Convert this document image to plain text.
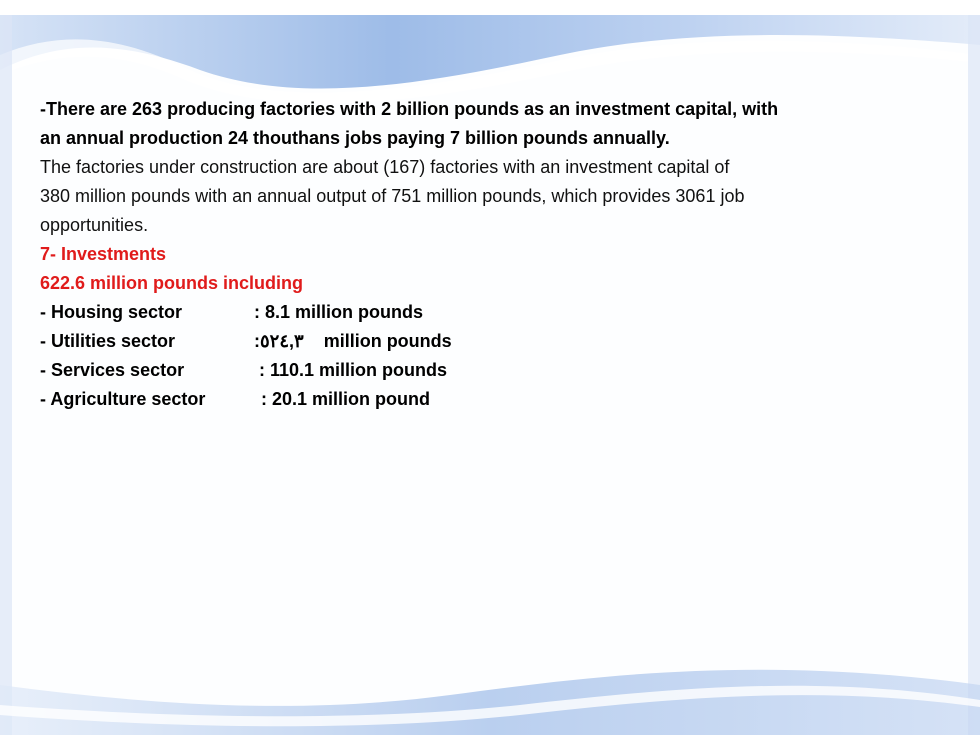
-There are 263 producing factories with 2 billion pounds as an investment capital, with
an annual production 24 thouthans jobs paying 7 billion pounds annually.
The factories under construction are about (167) factories with an investment capital of
380 million pounds with an annual output of 751 million pounds, which provides 3061 job
opportunities.
7- Investments
622.6 million pounds including
- Housing sector	: 8.1 million pounds
- Utilities sector	:٥٢٤,٣    million pounds
- Services sector	: 110.1 million pounds
- Agriculture sector	: 20.1 million pound
